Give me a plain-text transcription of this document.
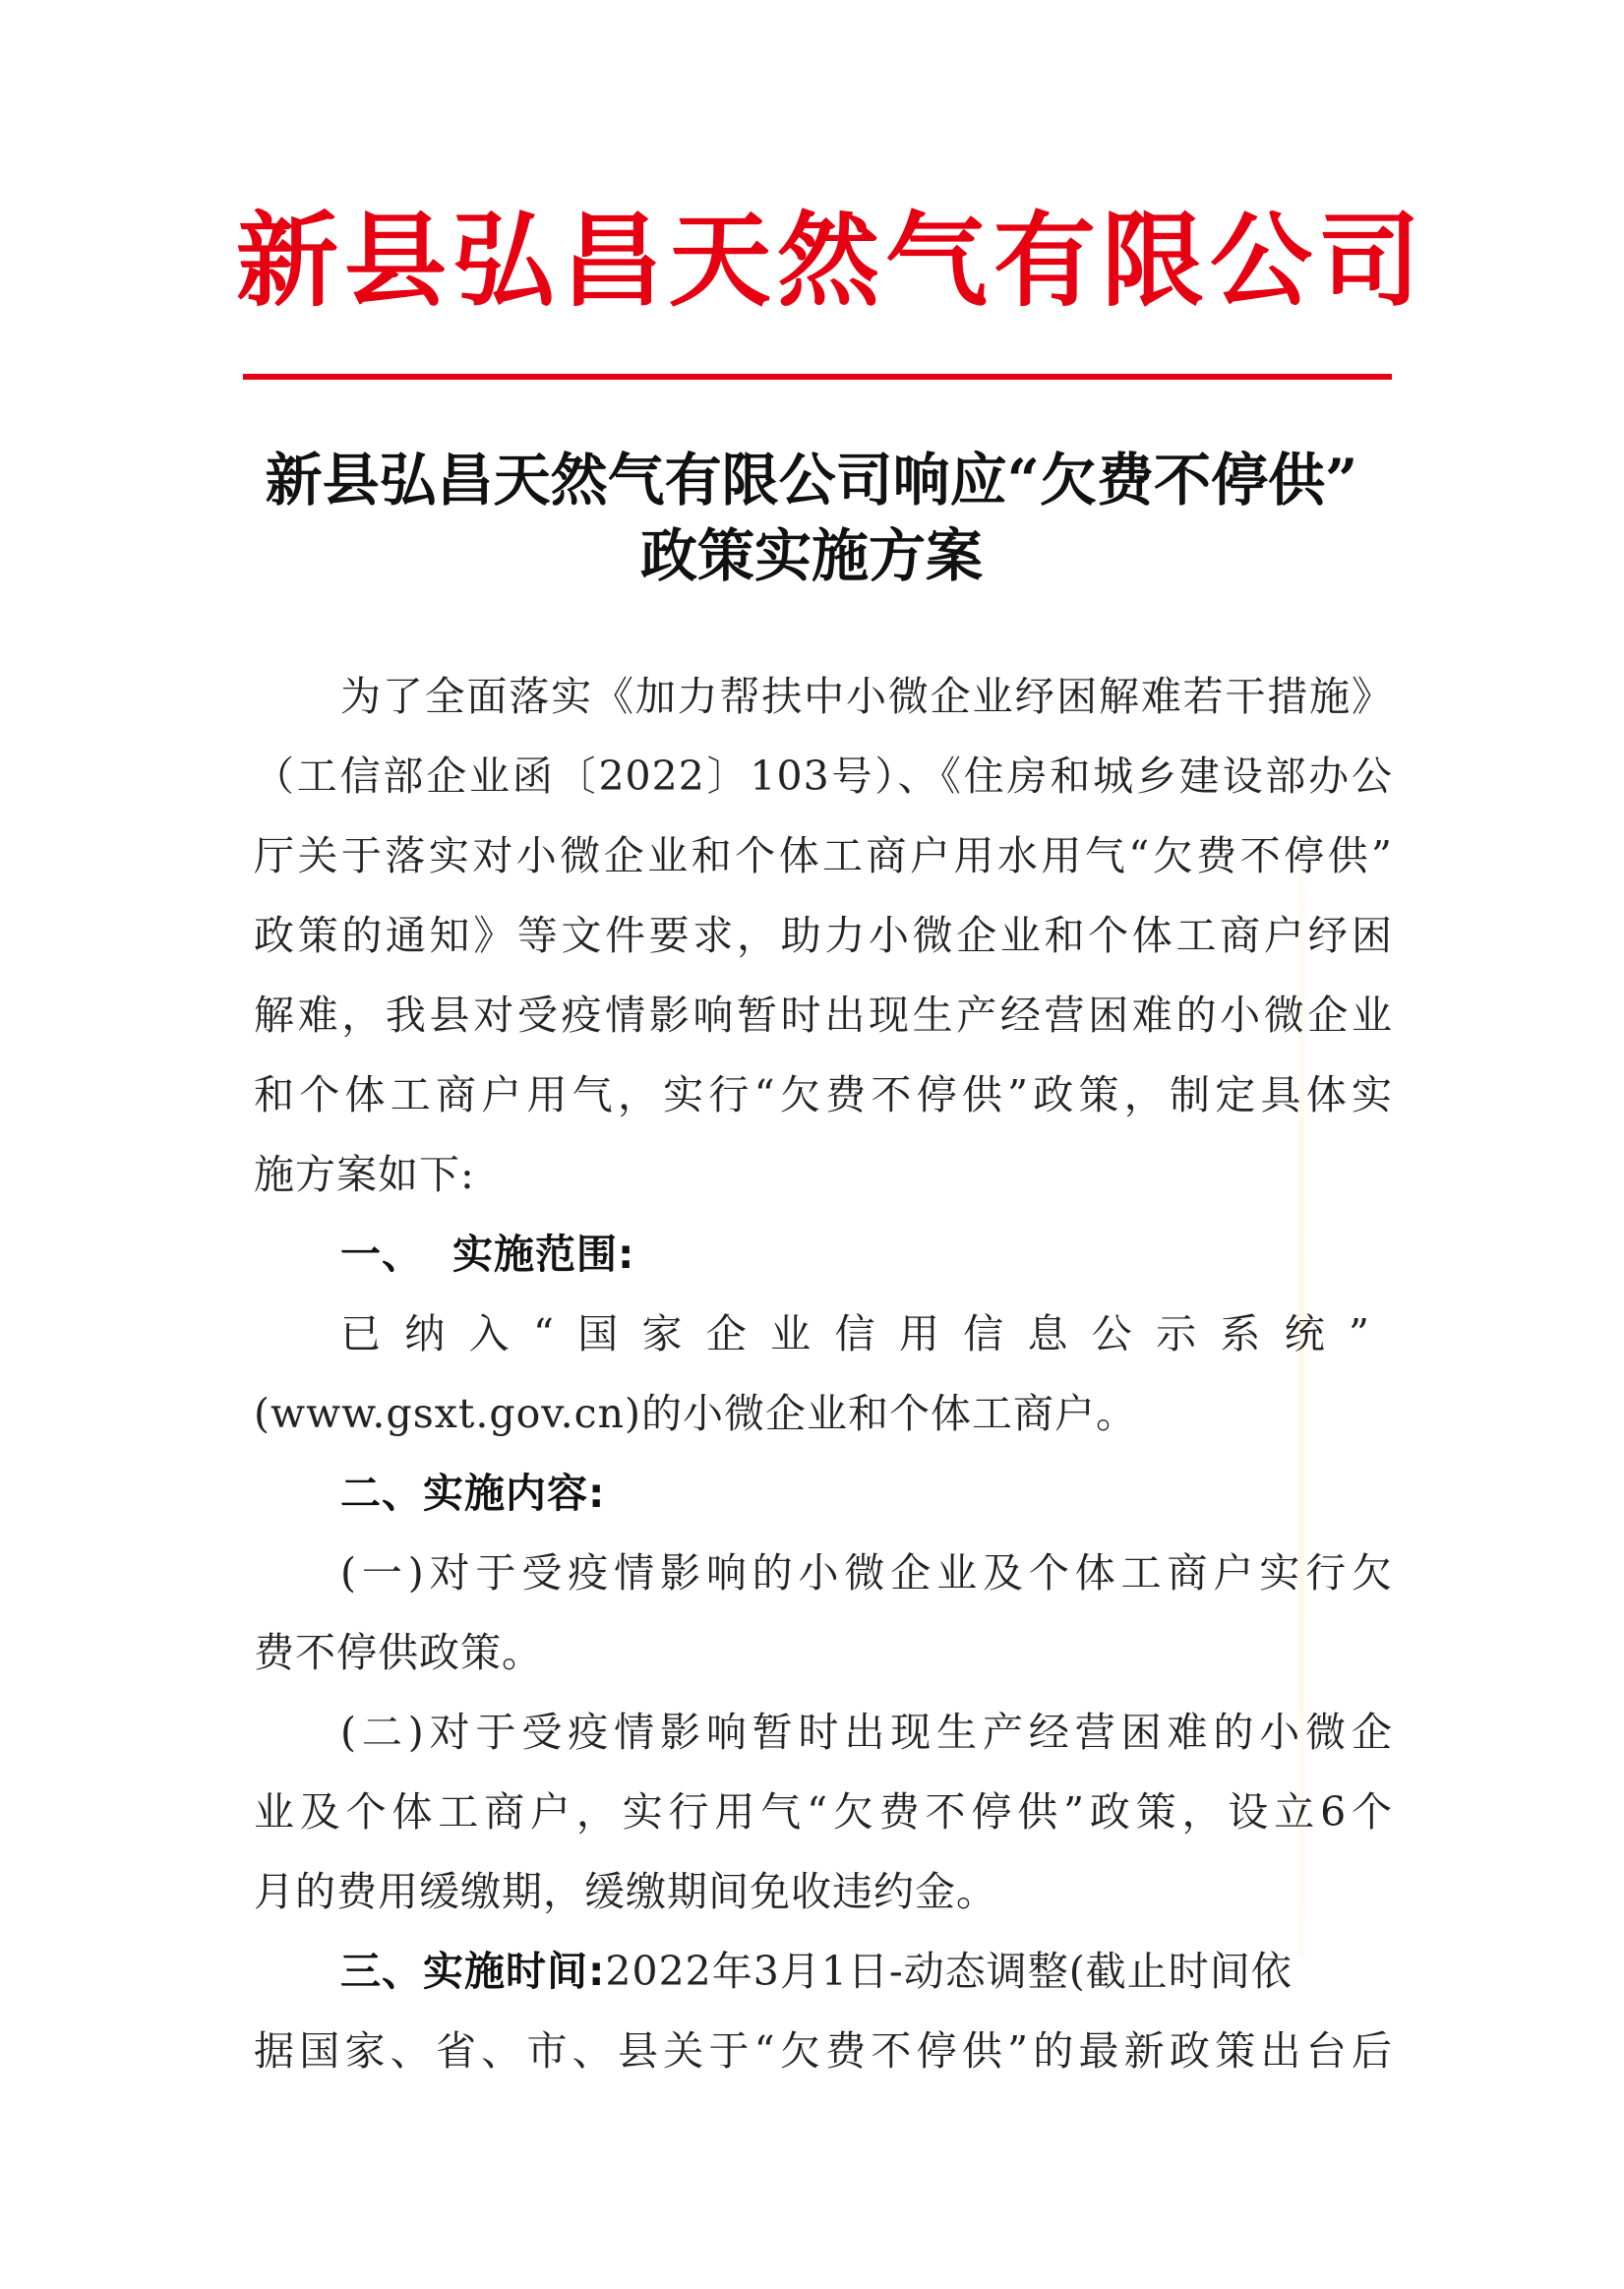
新县弘昌天然气有限公司
新县弘昌天然气有限公司响应“欠费不停供”
政策实施方案
为了全面落实《加力帮扶中小微企业纾困解难若干措施》
（工信部企业函〔2022〕103号）、《住房和城乡建设部办公
厅关于落实对小微企业和个体工商户用水用气“欠费不停供”
政策的通知》等文件要求，助力小微企业和个体工商户纾困
解难，我县对受疫情影响暂时出现生产经营困难的小微企业
和个体工商户用气，实行“欠费不停供”政策，制定具体实
施方案如下:
一、 实施范围:
已纳入“国家企业信用信息公示系统”
(www.gsxt.gov.cn)的小微企业和个体工商户。
二、实施内容:
(一)对于受疫情影响的小微企业及个体工商户实行欠
费不停供政策。
(二)对于受疫情影响暂时出现生产经营困难的小微企
业及个体工商户，实行用气“欠费不停供”政策，设立6个
月的费用缓缴期，缓缴期间免收违约金。
三、实施时间:2022年3月1日-动态调整(截止时间依
据国家、省、市、县关于“欠费不停供”的最新政策出台后
